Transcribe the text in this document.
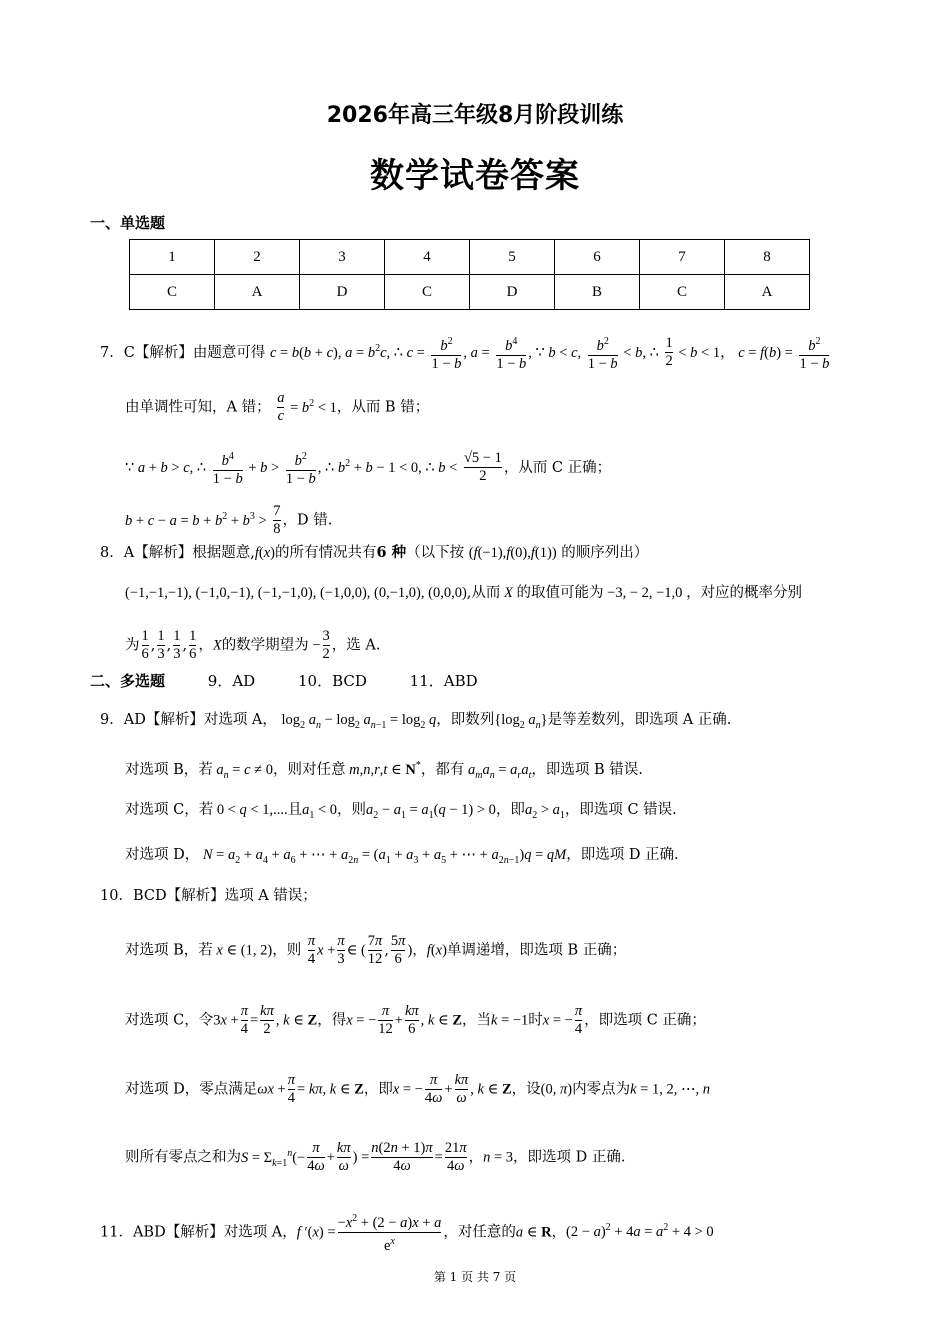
2026年高三年级8月阶段训练
数学试卷答案
一、单选题
1	2	3	4	5	6	7	8
C	A	D	C	D	B	C	A
7．C【解析】由题意可得 c = b(b + c), $a = b^2c$, ∴ $c = \frac{b^2}{1 - b}$ , $a = \frac{b^4}{1 - b}$ , ∵ b < c, $\frac{b^2}{1 - b} < b$, ∴ $\frac{1}{2} < b < 1$， $c = f(b) = \frac{b^2}{1 - b}$
由单调性可知，A 错； $\frac{a}{c} = b^2 < 1$，从而 B 错；
∵ a + b > c, ∴ $\frac{b^4}{1 - b} + b > \frac{b^2}{1 - b}$ , ∴ $b^2 + b - 1 < 0$, ∴ $b < \frac{√5 - 1}{2}$ ，从而 C 正确；
$b + c - a = b + b^2 + b^3 > \frac{7}{8}$ ，D 错.
8．A【解析】根据题意,f(x)的所有情况共有6 种（以下按 (f(−1),f(0),f(1)) 的顺序列出）
(−1,−1,−1), (−1,0,−1), (−1,−1,0), (−1,0,0), (0,−1,0), (0,0,0),从而 X 的取值可能为 −3, − 2, −1,0 ，对应的概率分别
为 $\frac{1}{6}$ , $\frac{1}{3}$ , $\frac{1}{3}$ , $\frac{1}{6}$ ，X的数学期望为 − $\frac{3}{2}$ ，选 A.
二、多选题	9．AD	10．BCD	11．ABD
9．AD【解析】对选项 A， $\log_2 a_n - \log_2 a_{n-1} = \log_2 q$，即数列{$\log_2$ $a_n$}是等差数列，即选项 A 正确.
对选项 B，若 $a_n = c \ne 0$，则对任意 m,n,r,t ∈ N*，都有 $a_ma_n = a_ra_t$，即选项 B 错误.
对选项 C，若 0 < q < 1,....且$a_1 < 0$，则$a_2 - a_1 = a_1(q - 1) > 0$，即$a_2 > a_1$，即选项 C 错误.
对选项 D， $N = a_2 + a_4 + a_6$ + ⋯ + $a_{2n} = (a_1 + a_3 + a_5$ + ⋯ + $a_{2n-1})q$ = qM，即选项 D 正确.
10．BCD【解析】选项 A 错误；
对选项 B，若 x ∈ (1, 2)，则 $\frac{\pi}{4}$ $x + \frac{\pi}{3}$ ∈ ( $\frac{7\pi}{12}$ , $\frac{5\pi}{6}$ )，f(x)单调递增，即选项 B 正确；
对选项 C，令$3x + \frac{\pi}{4} = \frac{k\pi}{2}$ , k ∈ Z，得x = − $\frac{\pi}{12} + \frac{k\pi}{6}$ , k ∈ Z，当k = −1时x = − $\frac{\pi}{4}$ ，即选项 C 正确；
对选项 D，零点满足$\omega x + \frac{\pi}{4} = k\pi$, k ∈ Z，即x = − $\frac{\pi}{4\omega} + \frac{k\pi}{\omega}$ , k ∈ Z，设(0, π)内零点为k = 1, 2, ⋯, n
则所有零点之和为$S = \Sigma_{k=1}^n(- \frac{\pi}{4\omega} + \frac{k\pi}{\omega}$ ) = $\frac{n(2n + 1)\pi}{4\omega} = \frac{21\pi}{4\omega}$ ，n = 3，即选项 D 正确.
11．ABD【解析】对选项 A，f $'(x) = \frac{-x^2 + (2 - a)x + a}{e^x}$ ，对任意的a ∈ R，$(2 - a)^2 + 4a = a^2 + 4 > 0$
第 1 页 共 7 页
